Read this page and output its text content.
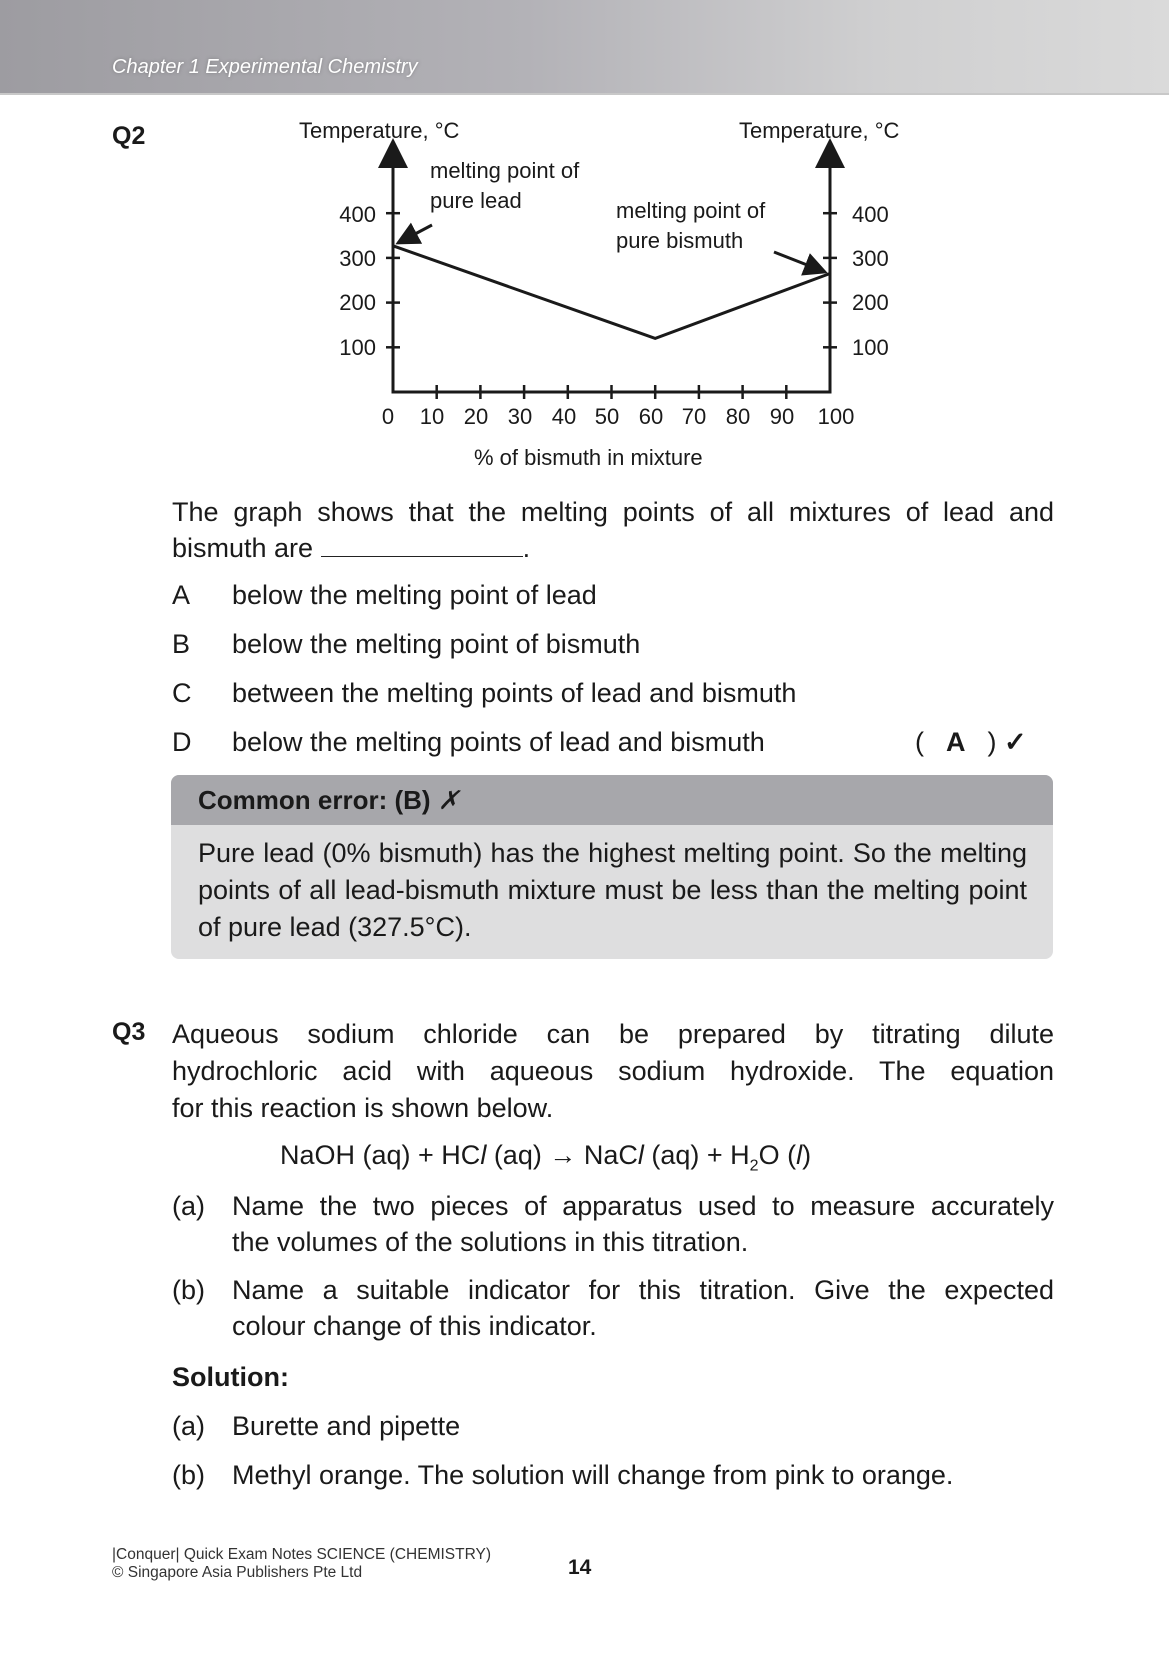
Chapter 1 Experimental Chemistry
Q2	Temperature, °C	Temperature, °C
melting point of
pure lead	melting point of
pure bismuth
400
300
200
100
400
300
200
100
0 10 20 30 40 50 60 70 80 90 100
% of bismuth in mixture
The graph shows that the melting points of all mixtures of lead and
bismuth are	.
A	below the melting point of lead
B	below the melting point of bismuth
C	between the melting points of lead and bismuth
D	below the melting points of lead and bismuth	( A ) ✓
Common error: (B) ✗
Pure lead (0% bismuth) has the highest melting point. So the melting points of all lead-bismuth mixture must be less than the melting point of pure lead (327.5°C).
Q3 Aqueous sodium chloride can be prepared by titrating dilute
hydrochloric acid with aqueous sodium hydroxide. The equation
for this reaction is shown below.
NaOH (aq) + HCl (aq) → NaCl $(aq) + H_2O$ (l)
(a) Name the two pieces of apparatus used to measure accurately
the volumes of the solutions in this titration.
(b) Name a suitable indicator for this titration. Give the expected
colour change of this indicator.
Solution:
(a) Burette and pipette
(b) Methyl orange. The solution will change from pink to orange.
|Conquer| Quick Exam Notes SCIENCE (CHEMISTRY)
© Singapore Asia Publishers Pte Ltd	14
